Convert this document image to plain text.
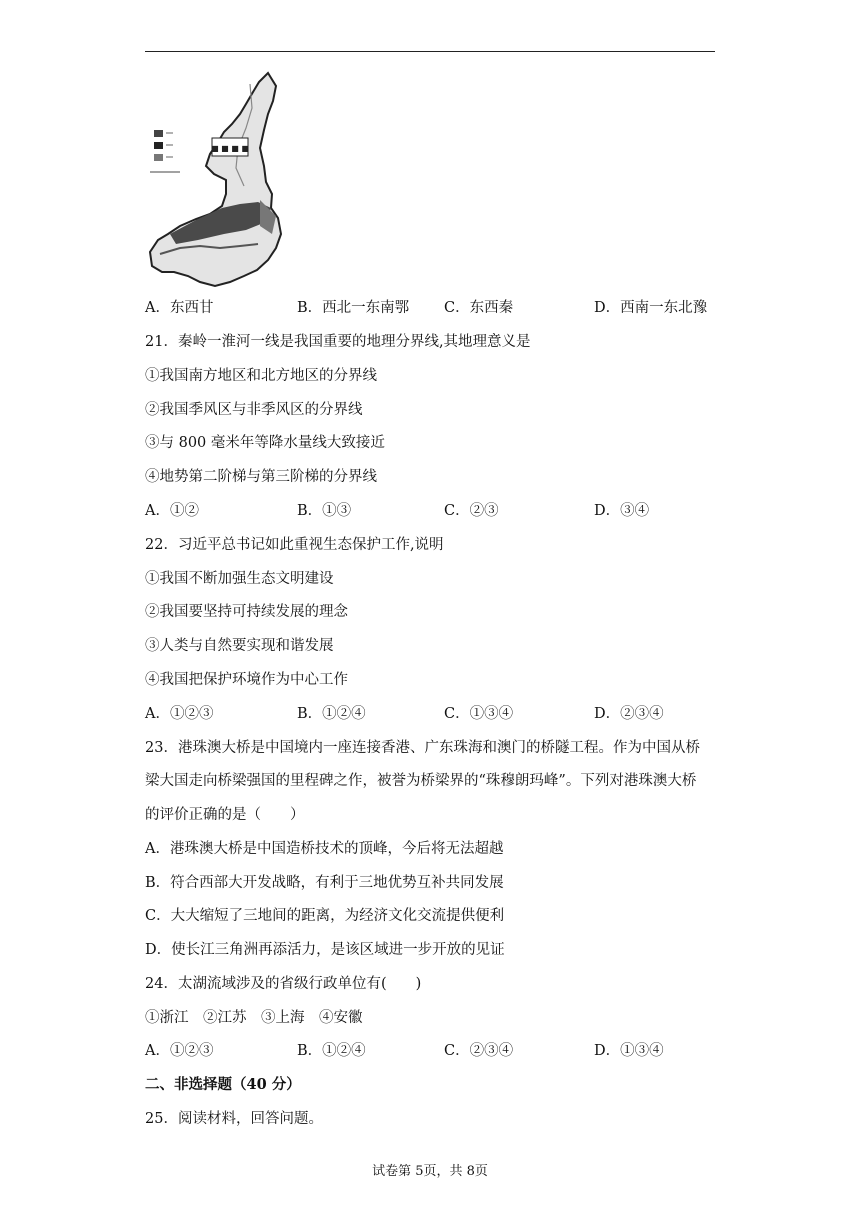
■ ■ ■ ■
A．东西甘	B．西北一东南鄂 C．东西秦	D．西南一东北豫
21．秦岭一淮河一线是我国重要的地理分界线,其地理意义是
①我国南方地区和北方地区的分界线
②我国季风区与非季风区的分界线
③与 800 毫米年等降水量线大致接近
④地势第二阶梯与第三阶梯的分界线
A．①②	B．①③	C．②③	D．③④
22．习近平总书记如此重视生态保护工作,说明
①我国不断加强生态文明建设
②我国要坚持可持续发展的理念
③人类与自然要实现和谐发展
④我国把保护环境作为中心工作
A．①②③	B．①②④	C．①③④	D．②③④
23．港珠澳大桥是中国境内一座连接香港、广东珠海和澳门的桥隧工程。作为中国从桥
梁大国走向桥梁强国的里程碑之作，被誉为桥梁界的“珠穆朗玛峰”。下列对港珠澳大桥
的评价正确的是（　　）
A．港珠澳大桥是中国造桥技术的顶峰，今后将无法超越
B．符合西部大开发战略，有利于三地优势互补共同发展
C．大大缩短了三地间的距离，为经济文化交流提供便利
D．使长江三角洲再添活力，是该区域进一步开放的见证
24．太湖流域涉及的省级行政单位有(　　)
①浙江　②江苏　③上海　④安徽
A．①②③	B．①②④	C．②③④	D．①③④
二、非选择题（40 分）
25．阅读材料，回答问题。
试卷第 5页，共 8页
